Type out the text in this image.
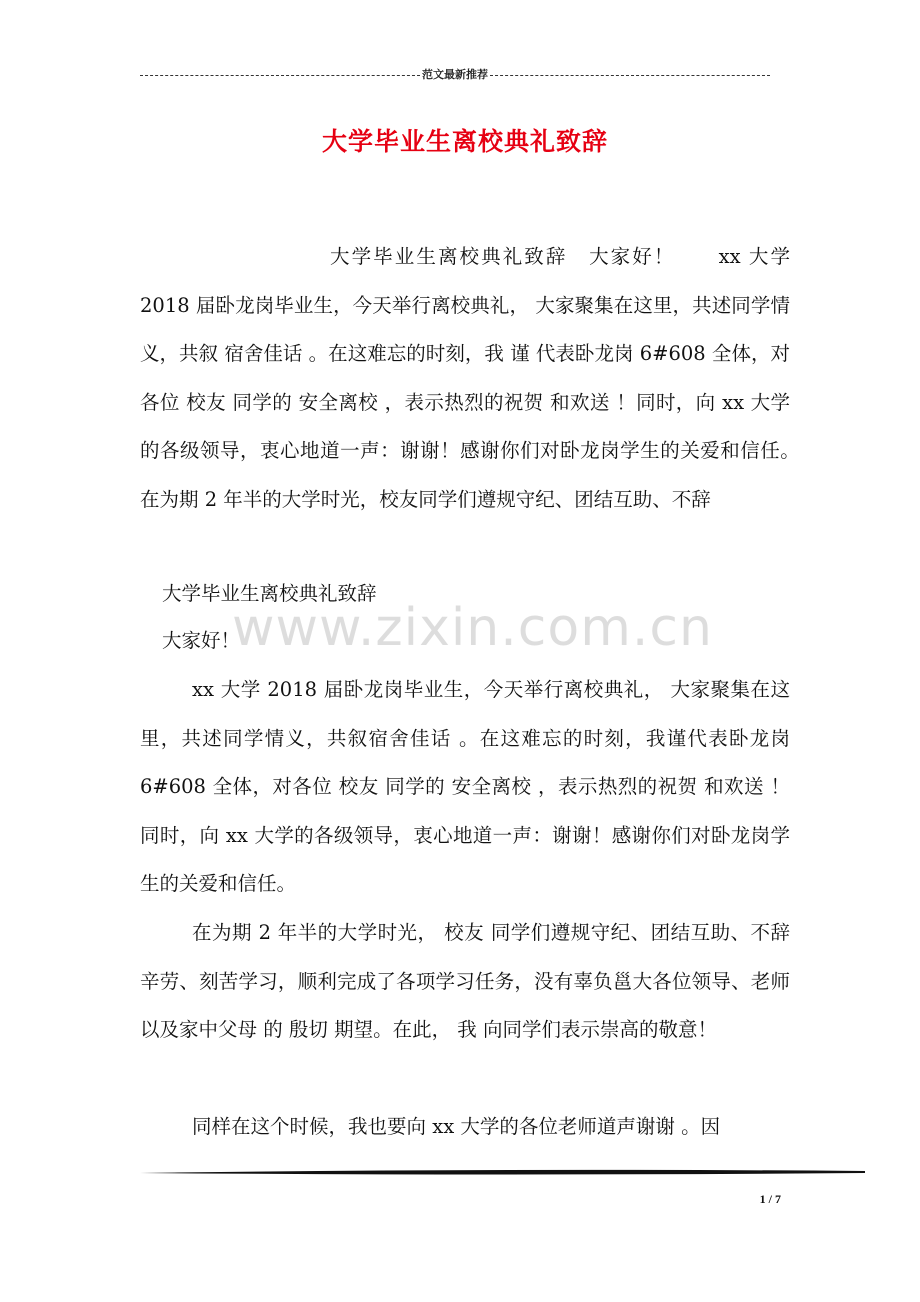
范文最新推荐
大学毕业生离校典礼致辞
大学毕业生离校典礼致辞　大家好！　　xx 大学 2018 届卧龙岗毕业生，今天举行离校典礼， 大家聚集在这里，共述同学情义，共叙 宿舍佳话 。在这难忘的时刻，我 谨 代表卧龙岗 6#608 全体，对各位 校友 同学的 安全离校 ，表示热烈的祝贺 和欢送 ！同时，向 xx 大学的各级领导，衷心地道一声：谢谢！感谢你们对卧龙岗学生的关爱和信任。　 在为期 2 年半的大学时光，校友同学们遵规守纪、团结互助、不辞
大学毕业生离校典礼致辞
大家好！
xx 大学 2018 届卧龙岗毕业生，今天举行离校典礼， 大家聚集在这里，共述同学情义，共叙宿舍佳话 。在这难忘的时刻，我谨代表卧龙岗 6#608 全体，对各位 校友 同学的 安全离校 ，表示热烈的祝贺 和欢送 ！同时，向 xx 大学的各级领导，衷心地道一声：谢谢！感谢你们对卧龙岗学生的关爱和信任。
在为期 2 年半的大学时光， 校友 同学们遵规守纪、团结互助、不辞辛劳、刻苦学习，顺利完成了各项学习任务，没有辜负邕大各位领导、老师 以及家中父母 的 殷切 期望。在此， 我 向同学们表示崇高的敬意！
同样在这个时候，我也要向 xx 大学的各位老师道声谢谢 。因
www.zixin.com.cn
1 / 7
